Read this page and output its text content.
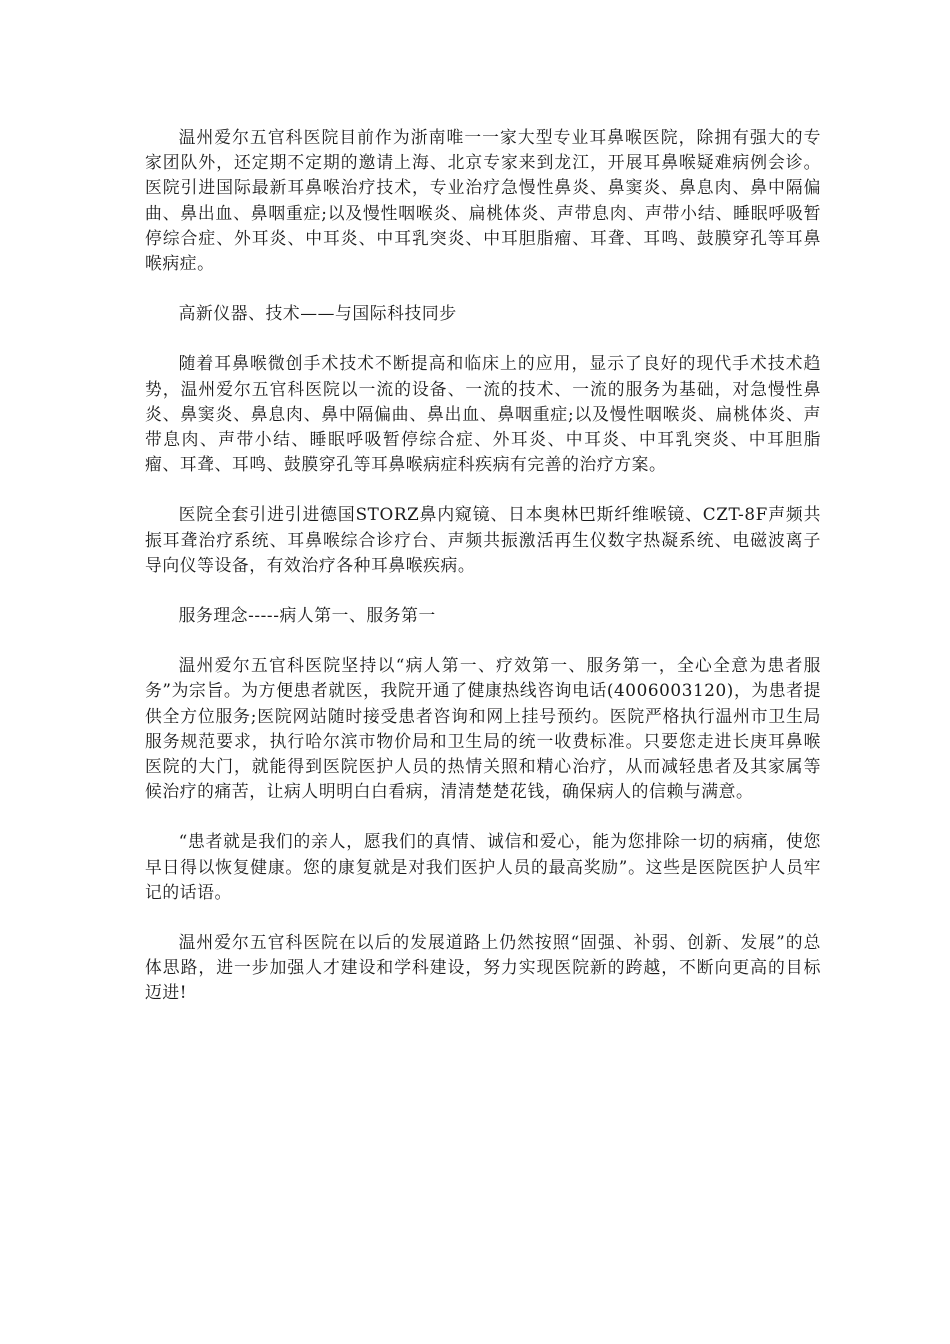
温州爱尔五官科医院目前作为浙南唯一一家大型专业耳鼻喉医院，除拥有强大的专家团队外，还定期不定期的邀请上海、北京专家来到龙江，开展耳鼻喉疑难病例会诊。医院引进国际最新耳鼻喉治疗技术，专业治疗急慢性鼻炎、鼻窦炎、鼻息肉、鼻中隔偏曲、鼻出血、鼻咽重症;以及慢性咽喉炎、扁桃体炎、声带息肉、声带小结、睡眠呼吸暂停综合症、外耳炎、中耳炎、中耳乳突炎、中耳胆脂瘤、耳聋、耳鸣、鼓膜穿孔等耳鼻喉病症。

高新仪器、技术——与国际科技同步

随着耳鼻喉微创手术技术不断提高和临床上的应用，显示了良好的现代手术技术趋势，温州爱尔五官科医院以一流的设备、一流的技术、一流的服务为基础，对急慢性鼻炎、鼻窦炎、鼻息肉、鼻中隔偏曲、鼻出血、鼻咽重症;以及慢性咽喉炎、扁桃体炎、声带息肉、声带小结、睡眠呼吸暂停综合症、外耳炎、中耳炎、中耳乳突炎、中耳胆脂瘤、耳聋、耳鸣、鼓膜穿孔等耳鼻喉病症科疾病有完善的治疗方案。

医院全套引进引进德国STORZ鼻内窥镜、日本奥林巴斯纤维喉镜、CZT-8F声频共振耳聋治疗系统、耳鼻喉综合诊疗台、声频共振激活再生仪数字热凝系统、电磁波离子导向仪等设备，有效治疗各种耳鼻喉疾病。

服务理念-----病人第一、服务第一

温州爱尔五官科医院坚持以“病人第一、疗效第一、服务第一，全心全意为患者服务”为宗旨。为方便患者就医，我院开通了健康热线咨询电话(4006003120)，为患者提供全方位服务;医院网站随时接受患者咨询和网上挂号预约。医院严格执行温州市卫生局服务规范要求，执行哈尔滨市物价局和卫生局的统一收费标准。只要您走进长庚耳鼻喉医院的大门，就能得到医院医护人员的热情关照和精心治疗，从而减轻患者及其家属等候治疗的痛苦，让病人明明白白看病，清清楚楚花钱，确保病人的信赖与满意。

“患者就是我们的亲人，愿我们的真情、诚信和爱心，能为您排除一切的病痛，使您早日得以恢复健康。您的康复就是对我们医护人员的最高奖励”。这些是医院医护人员牢记的话语。

温州爱尔五官科医院在以后的发展道路上仍然按照“固强、补弱、创新、发展”的总体思路，进一步加强人才建设和学科建设，努力实现医院新的跨越，不断向更高的目标迈进!
